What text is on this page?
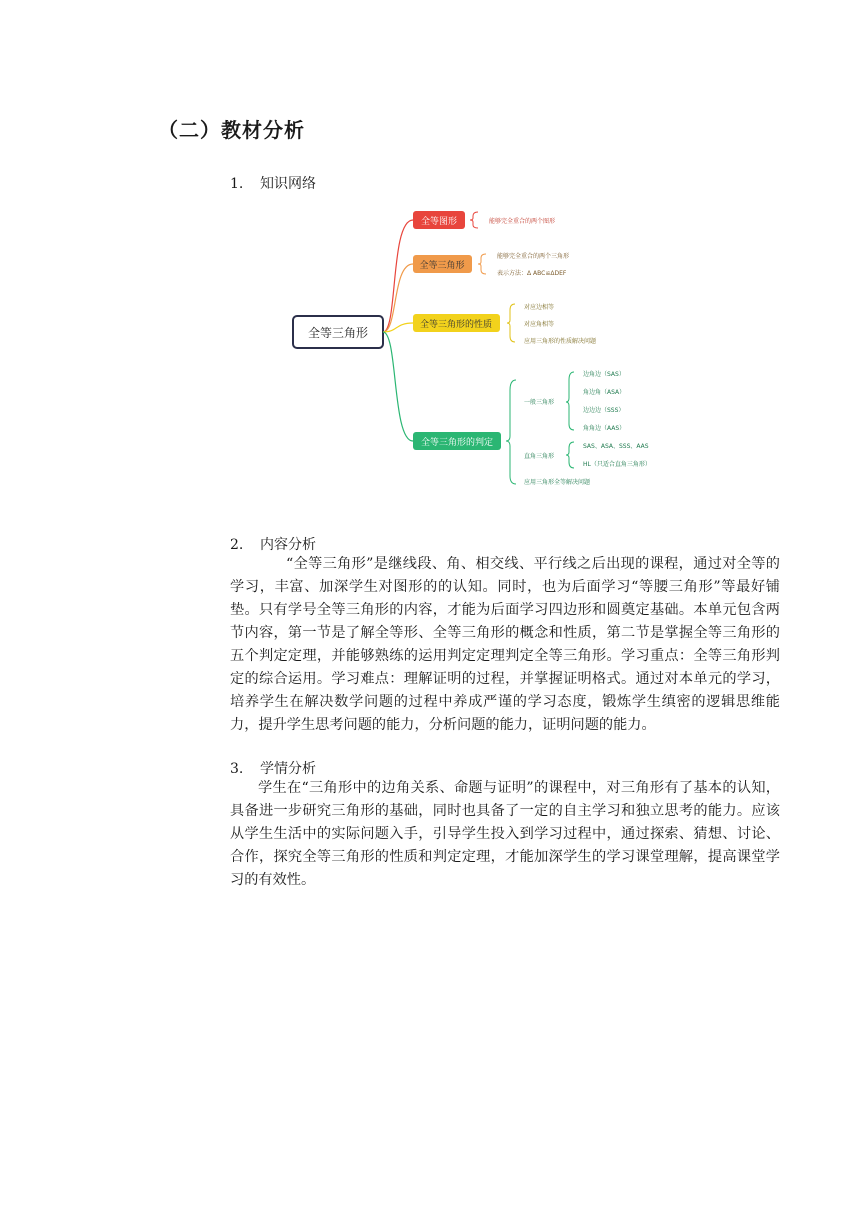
（二）教材分析
1. 知识网络
全等三角形
全等图形	能够完全重合的两个图形
全等三角形
能够完全重合的两个三角形
表示方法：Δ ABC≌ΔDEF
全等三角形的性质
对应边相等
对应角相等
应用三角形的性质解决问题
全等三角形的判定
一般三角形
边角边（SAS）
角边角（ASA）
边边边（SSS）
角角边（AAS）
直角三角形
SAS、ASA、SSS、AAS
HL（只适合直角三角形）
应用三角形全等解决问题
2. 内容分析

“全等三角形”是继线段、角、相交线、平行线之后出现的课程，通过对全等的学习，丰富、加深学生对图形的的认知。同时，也为后面学习“等腰三角形”等最好铺垫。只有学号全等三角形的内容，才能为后面学习四边形和圆奠定基础。本单元包含两节内容，第一节是了解全等形、全等三角形的概念和性质，第二节是掌握全等三角形的五个判定定理，并能够熟练的运用判定定理判定全等三角形。学习重点：全等三角形判定的综合运用。学习难点：理解证明的过程，并掌握证明格式。通过对本单元的学习，培养学生在解决数学问题的过程中养成严谨的学习态度，锻炼学生缜密的逻辑思维能力，提升学生思考问题的能力，分析问题的能力，证明问题的能力。

3. 学情分析

学生在“三角形中的边角关系、命题与证明”的课程中，对三角形有了基本的认知，具备进一步研究三角形的基础，同时也具备了一定的自主学习和独立思考的能力。应该从学生生活中的实际问题入手，引导学生投入到学习过程中，通过探索、猜想、讨论、合作，探究全等三角形的性质和判定定理，才能加深学生的学习课堂理解，提高课堂学习的有效性。
